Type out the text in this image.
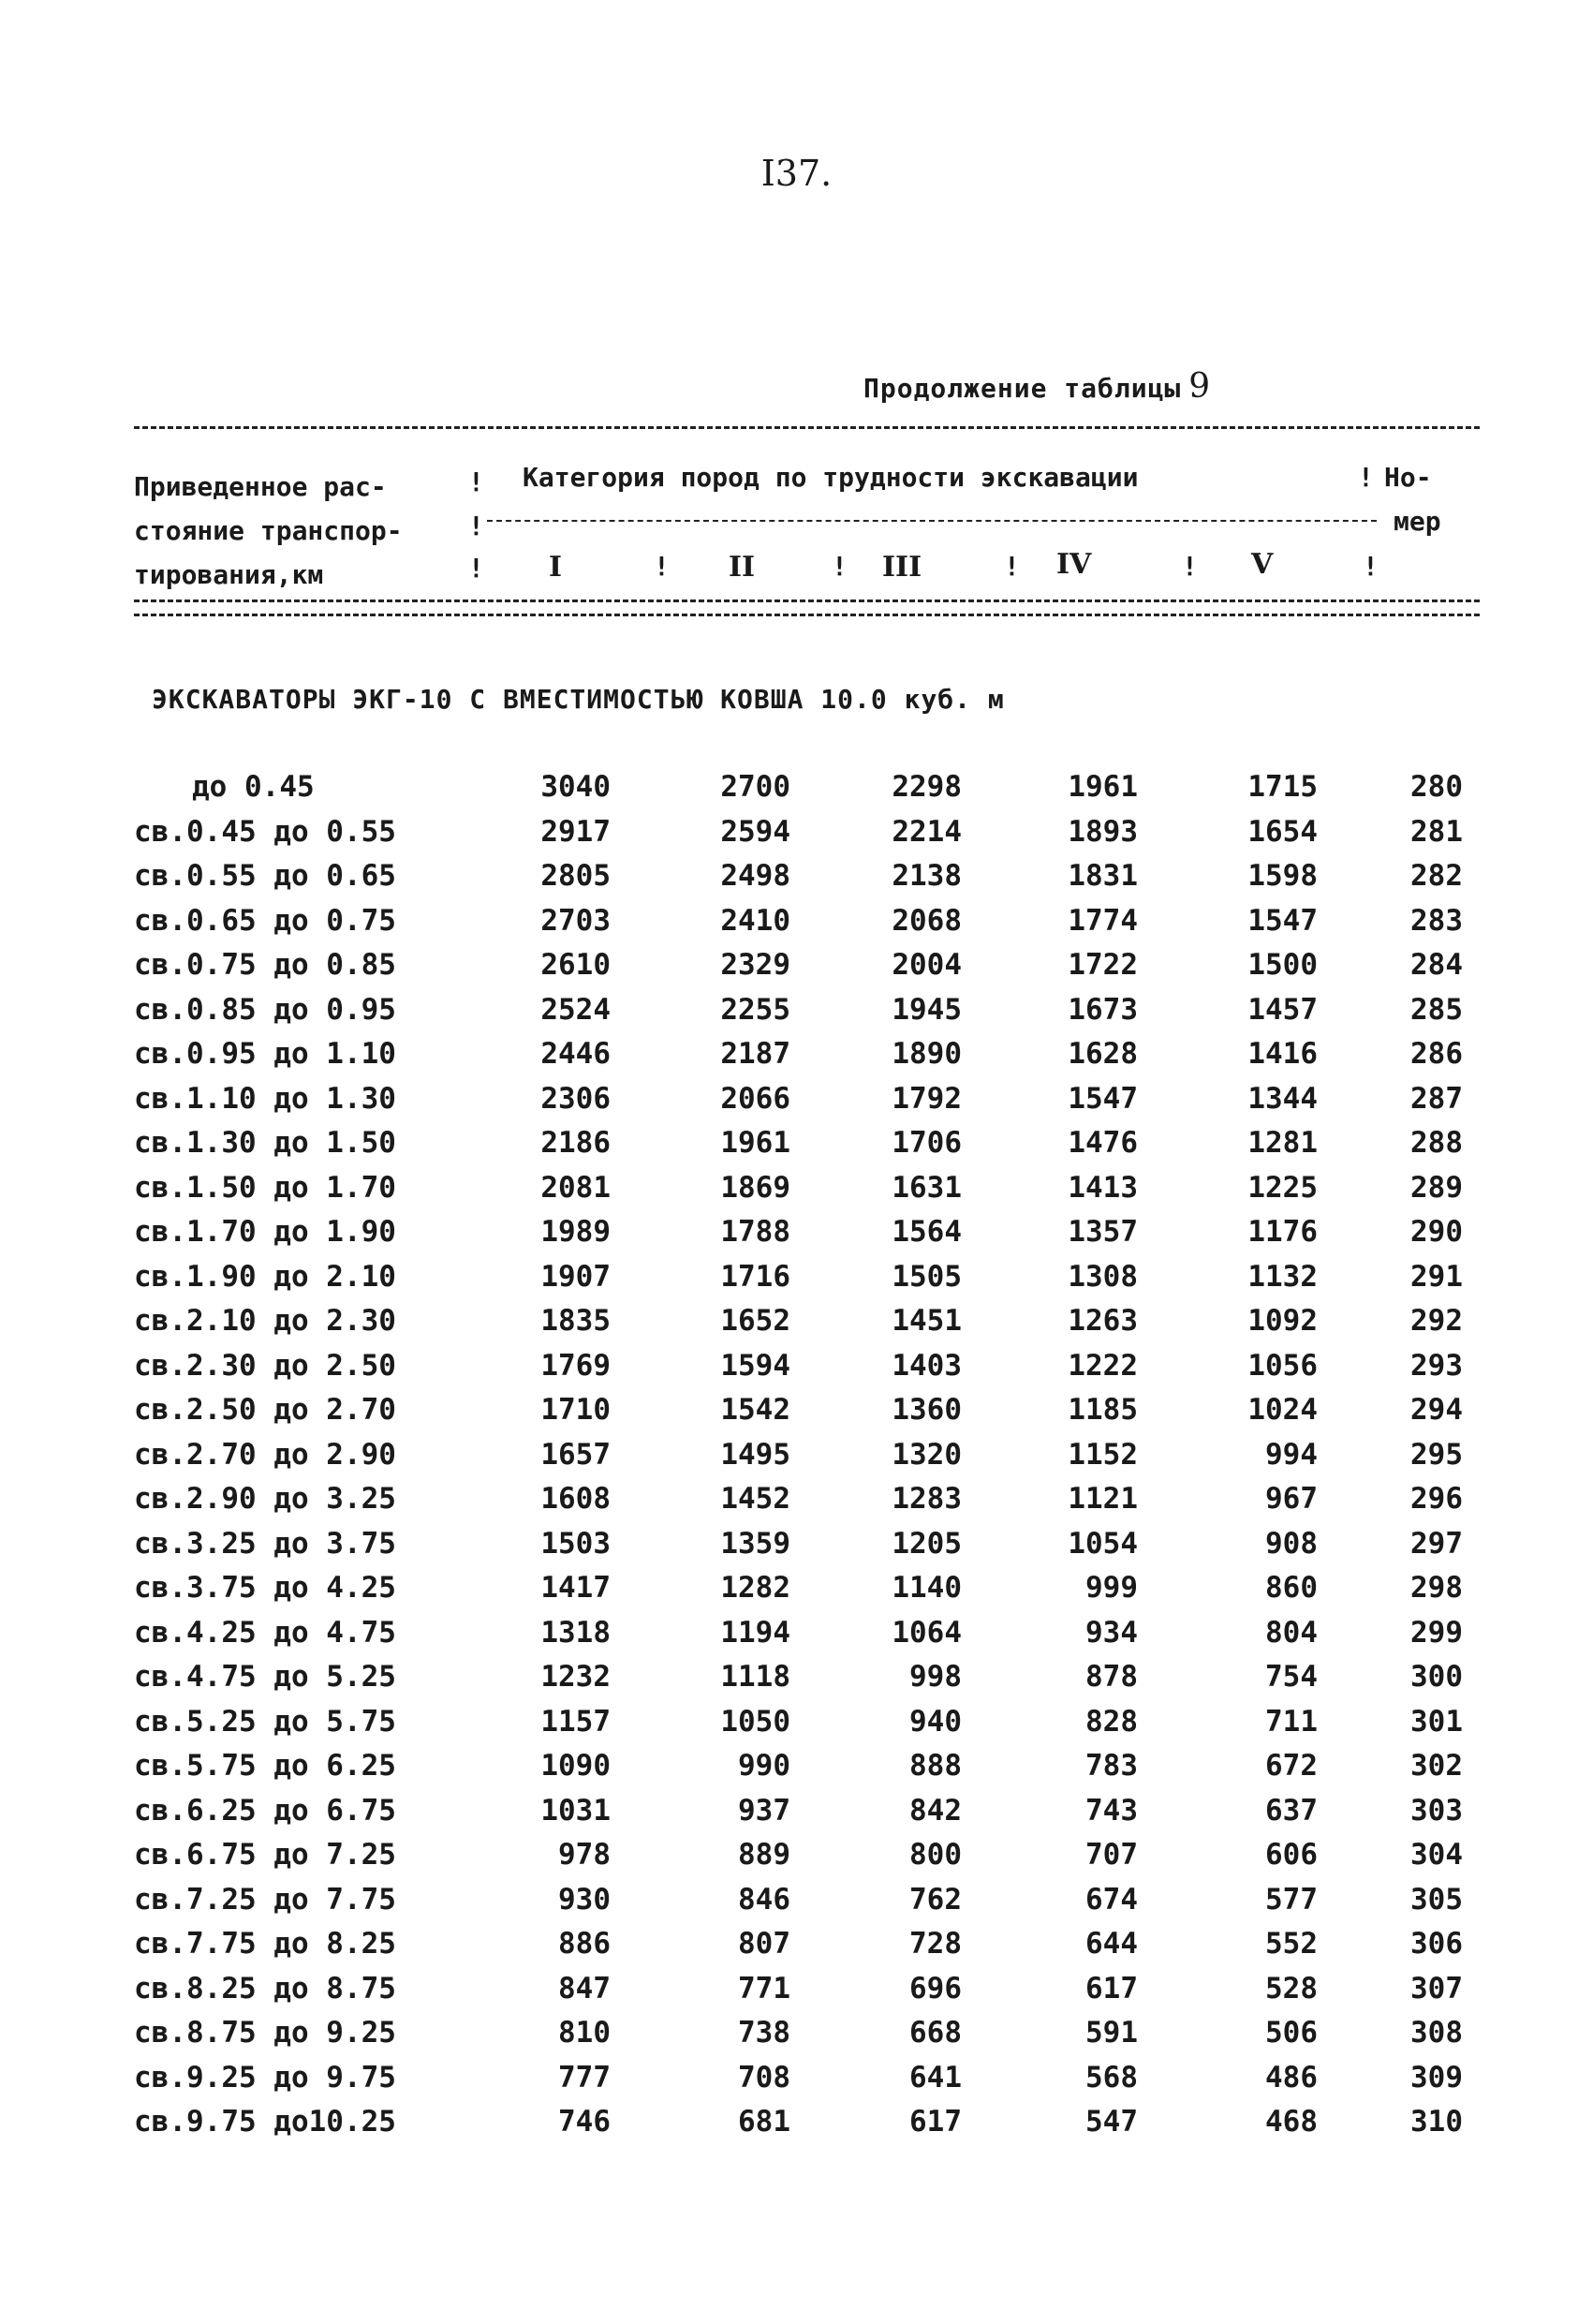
I37.
Продолжение таблицы 9
Приведенное рас-
стояние транспор-
тирования,км
!
!
!
Категория пород по трудности экскавации	! Но-
мер
I	! II	! III	! IV	! V	!
ЭКСКАВАТОРЫ ЭКГ-10 С ВМЕСТИМОСТЬЮ КОВША 10.0 куб. м
до 0.45	3040	2700	2298	1961	1715	280
св.0.45 до 0.55	2917	2594	2214	1893	1654	281
св.0.55 до 0.65	2805	2498	2138	1831	1598	282
св.0.65 до 0.75	2703	2410	2068	1774	1547	283
св.0.75 до 0.85	2610	2329	2004	1722	1500	284
св.0.85 до 0.95	2524	2255	1945	1673	1457	285
св.0.95 до 1.10	2446	2187	1890	1628	1416	286
св.1.10 до 1.30	2306	2066	1792	1547	1344	287
св.1.30 до 1.50	2186	1961	1706	1476	1281	288
св.1.50 до 1.70	2081	1869	1631	1413	1225	289
св.1.70 до 1.90	1989	1788	1564	1357	1176	290
св.1.90 до 2.10	1907	1716	1505	1308	1132	291
св.2.10 до 2.30	1835	1652	1451	1263	1092	292
св.2.30 до 2.50	1769	1594	1403	1222	1056	293
св.2.50 до 2.70	1710	1542	1360	1185	1024	294
св.2.70 до 2.90	1657	1495	1320	1152	994	295
св.2.90 до 3.25	1608	1452	1283	1121	967	296
св.3.25 до 3.75	1503	1359	1205	1054	908	297
св.3.75 до 4.25	1417	1282	1140	999	860	298
св.4.25 до 4.75	1318	1194	1064	934	804	299
св.4.75 до 5.25	1232	1118	998	878	754	300
св.5.25 до 5.75	1157	1050	940	828	711	301
св.5.75 до 6.25	1090	990	888	783	672	302
св.6.25 до 6.75	1031	937	842	743	637	303
св.6.75 до 7.25	978	889	800	707	606	304
св.7.25 до 7.75	930	846	762	674	577	305
св.7.75 до 8.25	886	807	728	644	552	306
св.8.25 до 8.75	847	771	696	617	528	307
св.8.75 до 9.25	810	738	668	591	506	308
св.9.25 до 9.75	777	708	641	568	486	309
св.9.75 до10.25	746	681	617	547	468	310
